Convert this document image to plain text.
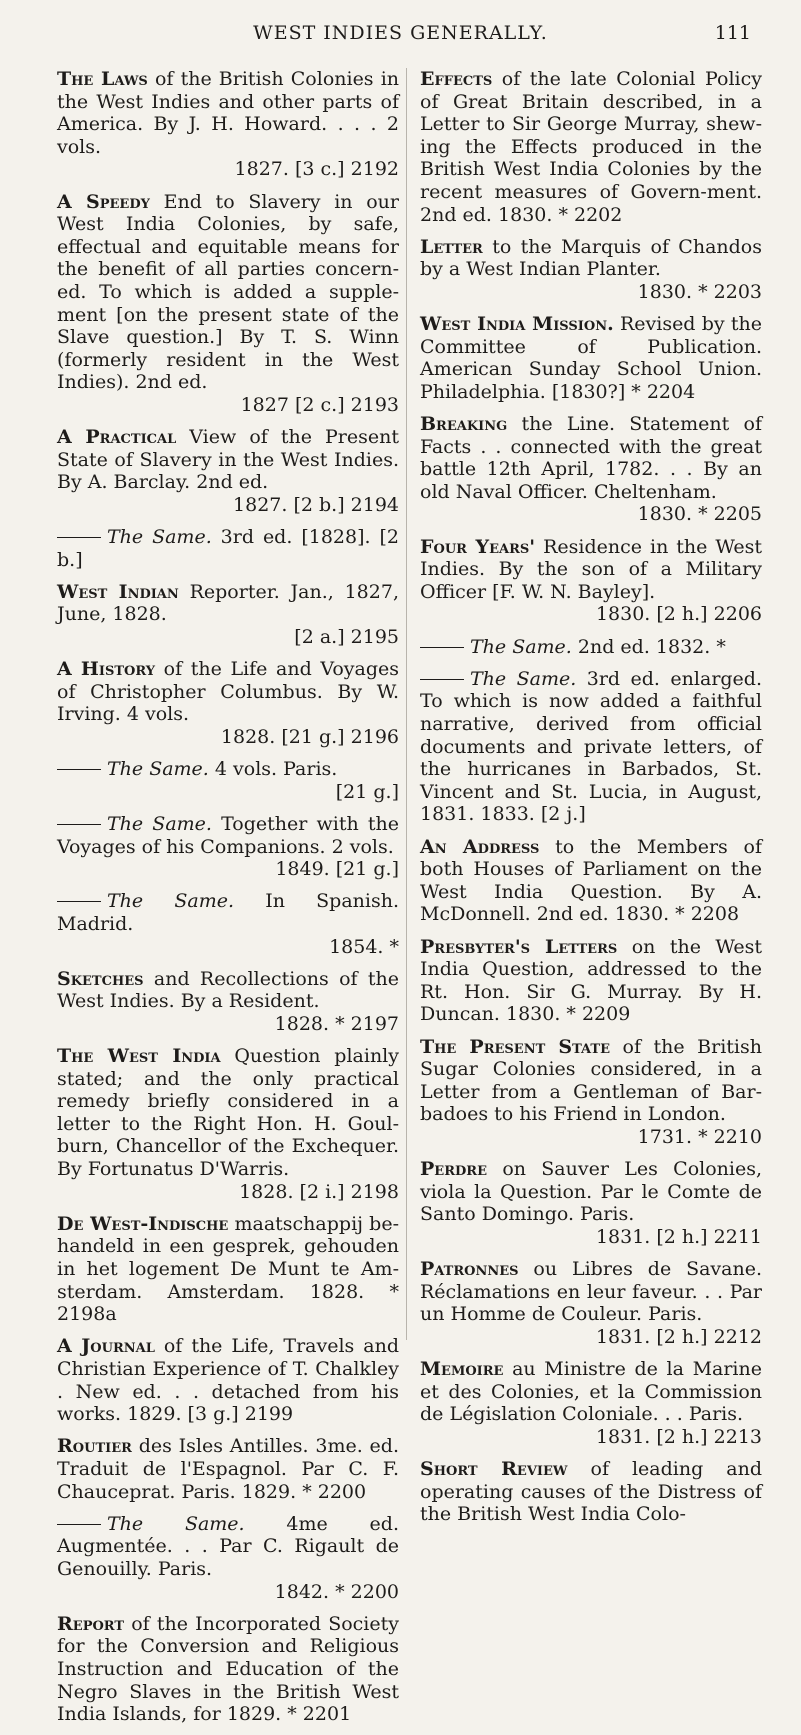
WEST INDIES GENERALLY.	111
The Laws of the British Colonies in the West Indies and other parts of America. By J. H. Howard. . . . 2 vols.
1827. [3 c.] 2192
A Speedy End to Slavery in our West India Colonies, by safe, effectual and equitable means for the benefit of all parties concern-ed. To which is added a supple-ment [on the present state of the Slave question.] By T. S. Winn (formerly resident in the West Indies). 2nd ed.
1827 [2 c.] 2193
A Practical View of the Present State of Slavery in the West Indies. By A. Barclay. 2nd ed.
1827. [2 b.] 2194
The Same. 3rd ed. [1828]. [2 b.]
West Indian Reporter. Jan., 1827, June, 1828.
[2 a.] 2195
A History of the Life and Voyages of Christopher Columbus. By W. Irving. 4 vols.
1828. [21 g.] 2196
The Same. 4 vols. Paris.
[21 g.]
The Same. Together with the Voyages of his Companions. 2 vols.
1849. [21 g.]
The Same. In Spanish. Madrid.
1854. *
Sketches and Recollections of the West Indies. By a Resident.
1828. * 2197
The West India Question plainly stated; and the only practical remedy briefly considered in a letter to the Right Hon. H. Goul-burn, Chancellor of the Exchequer. By Fortunatus D'Warris.
1828. [2 i.] 2198
De West-Indische maatschappij be-handeld in een gesprek, gehouden in het logement De Munt te Am-sterdam. Amsterdam. 1828. * 2198a
A Journal of the Life, Travels and Christian Experience of T. Chalkley . New ed. . . detached from his works. 1829. [3 g.] 2199
Routier des Isles Antilles. 3me. ed. Traduit de l'Espagnol. Par C. F. Chauceprat. Paris. 1829. * 2200
The Same. 4me ed. Augmentée. . . Par C. Rigault de Genouilly. Paris.
1842. * 2200
Report of the Incorporated Society for the Conversion and Religious Instruction and Education of the Negro Slaves in the British West India Islands, for 1829. * 2201
Effects of the late Colonial Policy of Great Britain described, in a Letter to Sir George Murray, shew-ing the Effects produced in the British West India Colonies by the recent measures of Govern-ment. 2nd ed. 1830. * 2202
Letter to the Marquis of Chandos by a West Indian Planter.
1830. * 2203
West India Mission. Revised by the Committee of Publication. American Sunday School Union. Philadelphia. [1830?] * 2204
Breaking the Line. Statement of Facts . . connected with the great battle 12th April, 1782. . . By an old Naval Officer. Cheltenham.
1830. * 2205
Four Years' Residence in the West Indies. By the son of a Military Officer [F. W. N. Bayley].
1830. [2 h.] 2206
The Same. 2nd ed. 1832. *
The Same. 3rd ed. enlarged. To which is now added a faithful narrative, derived from official documents and private letters, of the hurricanes in Barbados, St. Vincent and St. Lucia, in August, 1831. 1833. [2 j.]
An Address to the Members of both Houses of Parliament on the West India Question. By A. McDonnell. 2nd ed. 1830. * 2208
Presbyter's Letters on the West India Question, addressed to the Rt. Hon. Sir G. Murray. By H. Duncan. 1830. * 2209
The Present State of the British Sugar Colonies considered, in a Letter from a Gentleman of Bar-badoes to his Friend in London.
1731. * 2210
Perdre on Sauver Les Colonies, viola la Question. Par le Comte de Santo Domingo. Paris.
1831. [2 h.] 2211
Patronnes ou Libres de Savane. Réclamations en leur faveur. . . Par un Homme de Couleur. Paris.
1831. [2 h.] 2212
Memoire au Ministre de la Marine et des Colonies, et la Commission de Législation Coloniale. . . Paris.
1831. [2 h.] 2213
Short Review of leading and operating causes of the Distress of the British West India Colo-
